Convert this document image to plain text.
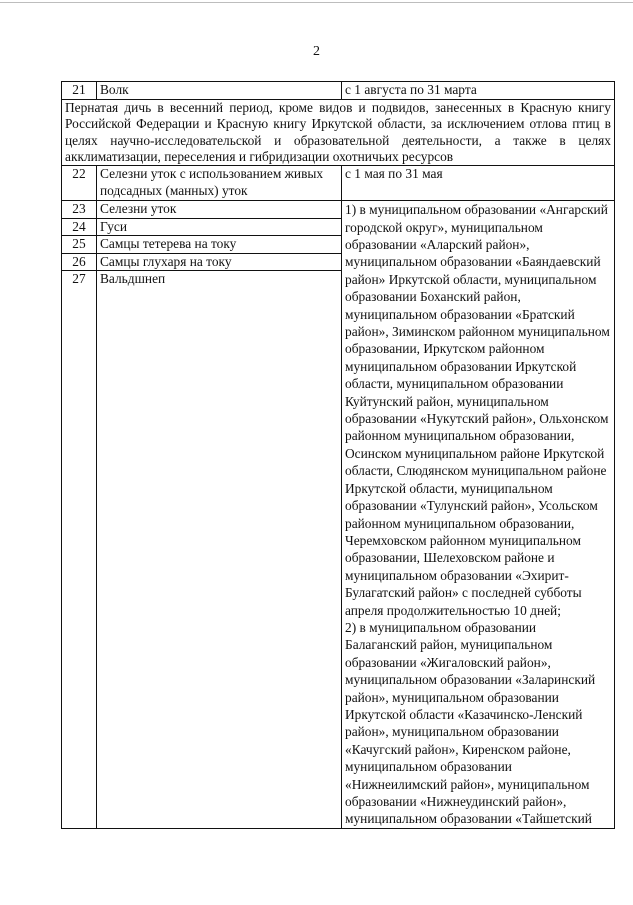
2
21	Волк	с 1 августа по 31 марта
Пернатая дичь в весенний период, кроме видов и подвидов, занесенных в Красную книгу Российской Федерации и Красную книгу Иркутской области, за исключением отлова птиц в целях научно-исследовательской и образовательной деятельности, а также в целях акклиматизации, переселения и гибридизации охотничьих ресурсов		
22	Селезни уток с использованием живых подсадных (манных) уток	с 1 мая по 31 мая
23	Селезни уток	1) в муниципальном образовании «Ангарский городской округ», муниципальном образовании «Аларский район», муниципальном образовании «Баяндаевский район» Иркутской области, муниципальном образовании Боханский район, муниципальном образовании «Братский район», Зиминском районном муниципальном образовании, Иркутском районном муниципальном образовании Иркутской области, муниципальном образовании Куйтунский район, муниципальном образовании «Нукутский район», Ольхонском районном муниципальном образовании, Осинском муниципальном районе Иркутской области, Слюдянском муниципальном районе Иркутской области, муниципальном образовании «Тулунский район», Усольском районном муниципальном образовании, Черемховском районном муниципальном образовании, Шелеховском районе и муниципальном образовании «Эхирит-Булагатский район» с последней субботы апреля продолжительностью 10 дней;
2) в муниципальном образовании Балаганский район, муниципальном образовании «Жигаловский район», муниципальном образовании «Заларинский район», муниципальном образовании Иркутской области «Казачинско-Ленский район», муниципальном образовании «Качугский район», Киренском районе, муниципальном образовании «Нижнеилимский район», муниципальном образовании «Нижнеудинский район», муниципальном образовании «Тайшетский

24	Гуси	
25	Самцы тетерева на току	
26	Самцы глухаря на току	
27	Вальдшнеп	
